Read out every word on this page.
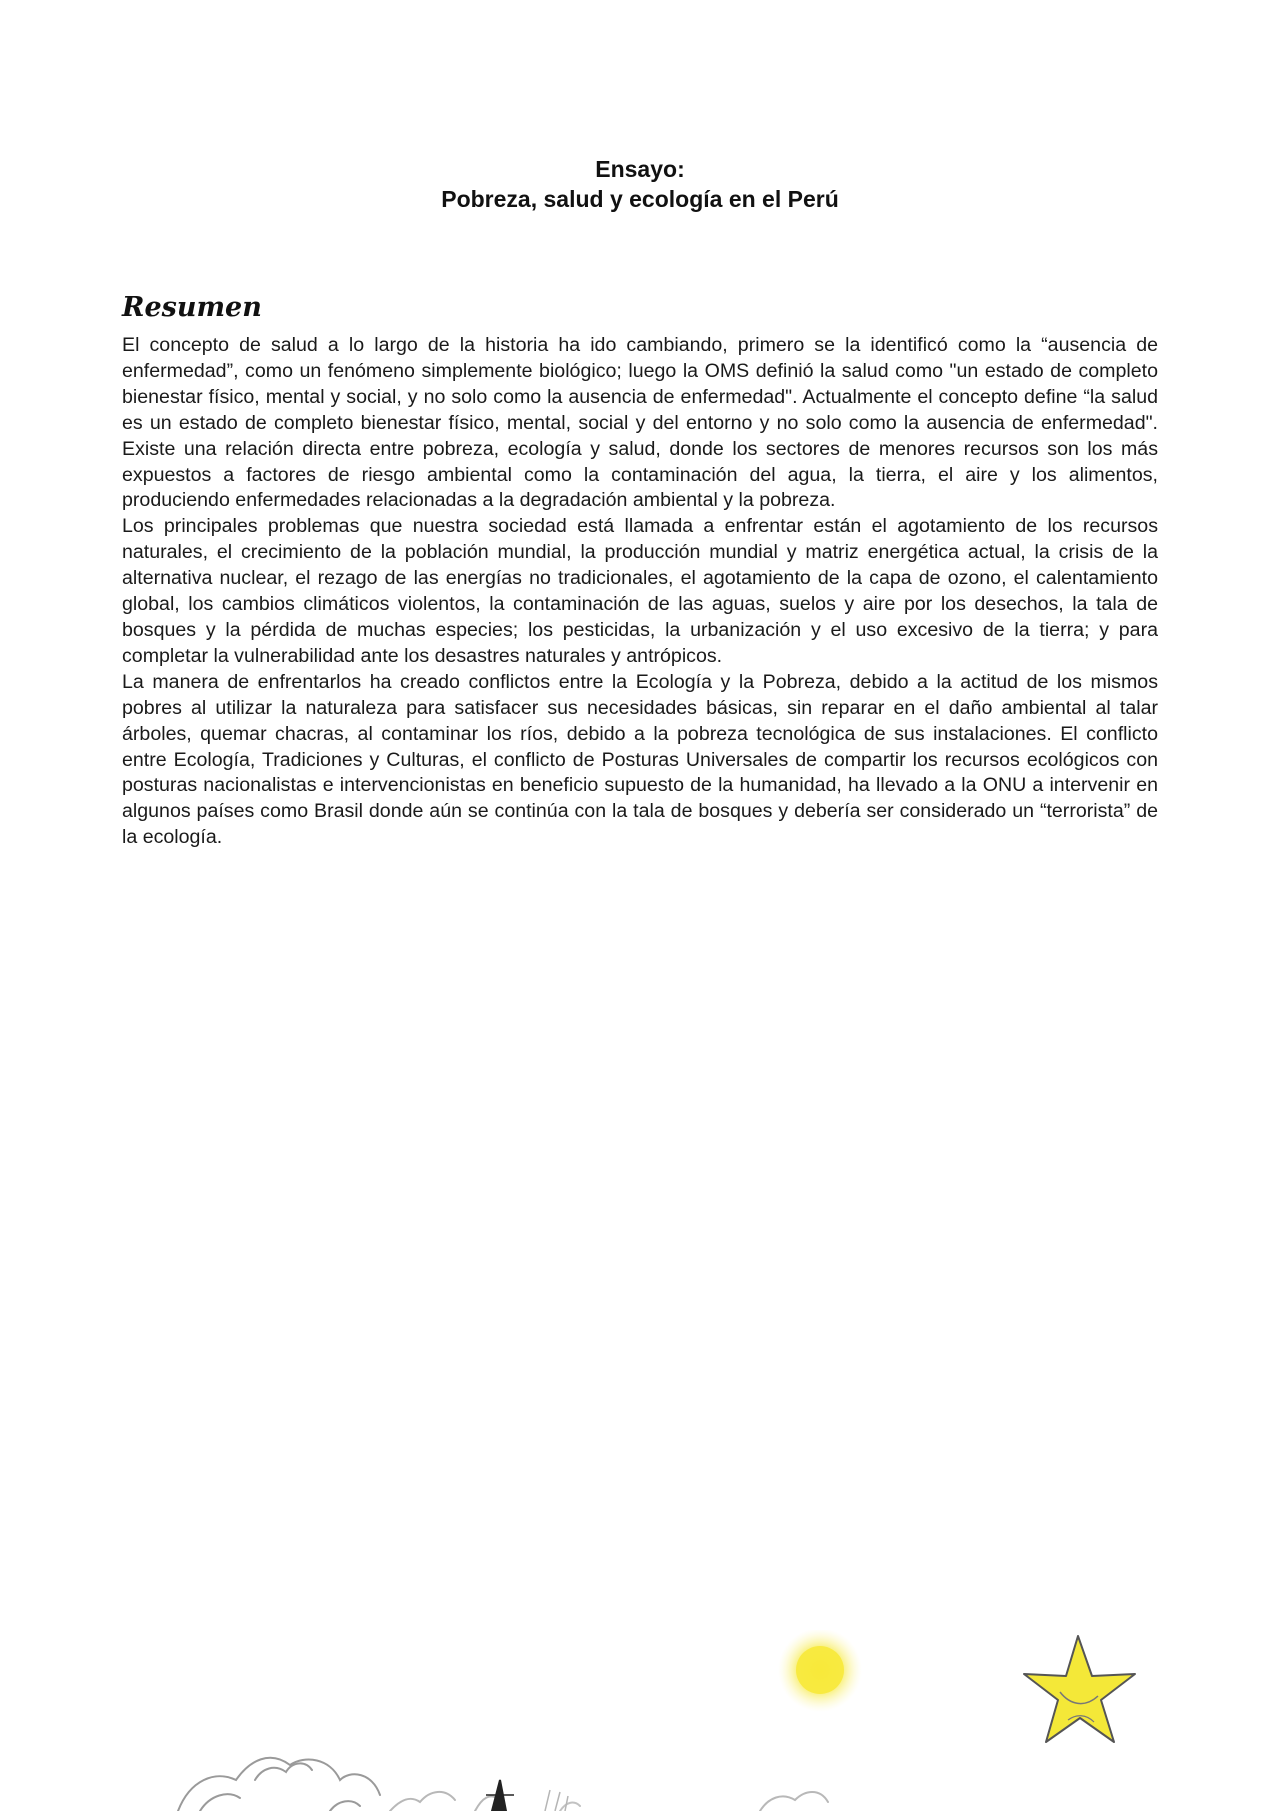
Ensayo:
Pobreza, salud y ecología en el Perú
Resumen

El concepto de salud a lo largo de la historia ha ido cambiando, primero se la identificó como la “ausencia de enfermedad”, como un fenómeno simplemente biológico; luego la OMS definió la salud como "un estado de completo bienestar físico, mental y social, y no solo como la ausencia de enfermedad". Actualmente el concepto define “la salud es un estado de completo bienestar físico, mental, social y del entorno y no solo como la ausencia de enfermedad". Existe una relación directa entre pobreza, ecología y salud, donde los sectores de menores recursos son los más expuestos a factores de riesgo ambiental como la contaminación del agua, la tierra, el aire y los alimentos, produciendo enfermedades relacionadas a la degradación ambiental y la pobreza.

Los principales problemas que nuestra sociedad está llamada a enfrentar están el agotamiento de los recursos naturales, el crecimiento de la población mundial, la producción mundial y matriz energética actual, la crisis de la alternativa nuclear, el rezago de las energías no tradicionales, el agotamiento de la capa de ozono, el calentamiento global, los cambios climáticos violentos, la contaminación de las aguas, suelos y aire por los desechos, la tala de bosques y la pérdida de muchas especies; los pesticidas, la urbanización y el uso excesivo de la tierra; y para completar la vulnerabilidad ante los desastres naturales y antrópicos.

La manera de enfrentarlos ha creado conflictos entre la Ecología y la Pobreza, debido a la actitud de los mismos pobres al utilizar la naturaleza para satisfacer sus necesidades básicas, sin reparar en el daño ambiental al talar árboles, quemar chacras, al contaminar los ríos, debido a la pobreza tecnológica de sus instalaciones. El conflicto entre Ecología, Tradiciones y Culturas, el conflicto de Posturas Universales de compartir los recursos ecológicos con posturas nacionalistas e intervencionistas en beneficio supuesto de la humanidad, ha llevado a la ONU a intervenir en algunos países como Brasil donde aún se continúa con la tala de bosques y debería ser considerado un “terrorista” de la ecología.
